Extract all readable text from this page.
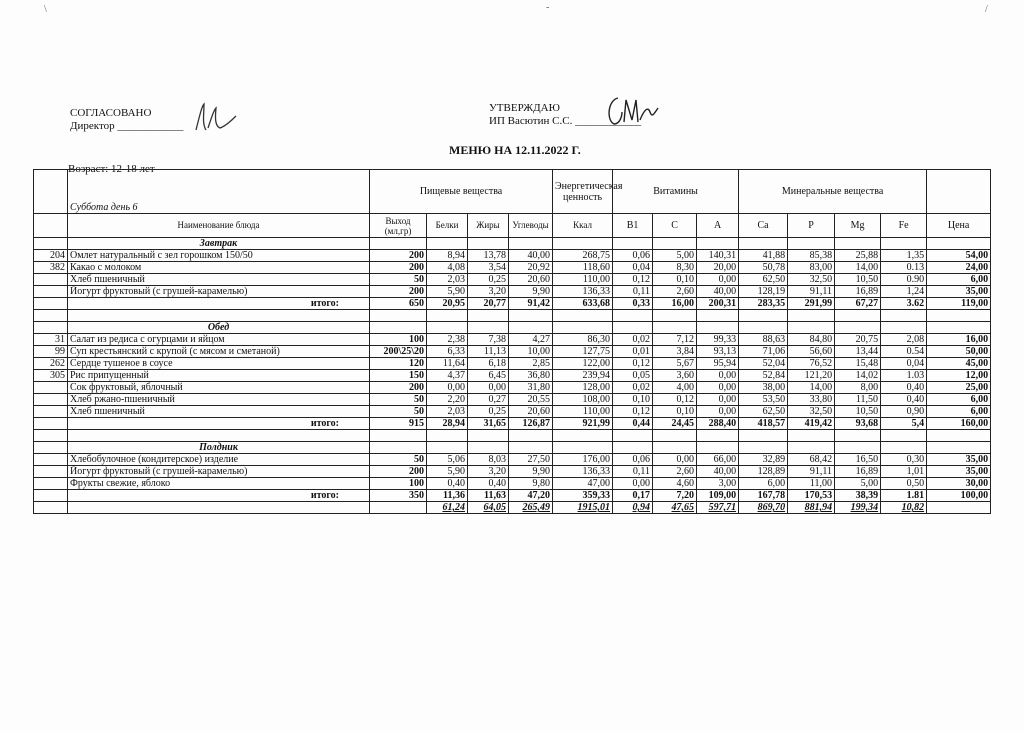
\	-	/
СОГЛАСОВАНО
Директор ____________
УТВЕРЖДАЮ
ИП Васютин С.С. ____________
МЕНЮ НА 12.11.2022 Г.
Возраст: 12-18 лет
	Суббота день 6	Пищевые вещества				Энергетическая ценность	Витамины			Минеральные вещества				
	Наименование блюда	Выход (мл,гр)	Белки	Жиры	Углеводы	Ккал	В1	С	А	Ca	P	Mg	Fe	Цена
	Завтрак													
204	Омлет натуральный с зел горошком 150/50	200	8,94	13,78	40,00	268,75	0,06	5,00	140,31	41,88	85,38	25,88	1,35	54,00
382	Какао с молоком	200	4,08	3,54	20,92	118,60	0,04	8,30	20,00	50,78	83,00	14,00	0.13	24,00
	Хлеб пшеничный	50	2,03	0,25	20,60	110,00	0,12	0,10	0,00	62,50	32,50	10,50	0.90	6,00
	Йогурт фруктовый (с грушей-карамелью)	200	5,90	3,20	9,90	136,33	0,11	2,60	40,00	128,19	91,11	16,89	1,24	35,00
	итого:	650	20,95	20,77	91,42	633,68	0,33	16,00	200,31	283,35	291,99	67,27	3.62	119,00

	Обед													
31	Салат из редиса с огурцами и яйцом	100	2,38	7,38	4,27	86,30	0,02	7,12	99,33	88,63	84,80	20,75	2,08	16,00
99	Суп крестьянский с крупой (с мясом и сметаной)	200\25\20	6,33	11,13	10,00	127,75	0,01	3,84	93,13	71,06	56,60	13,44	0.54	50,00
262	Сердце тушеное в соусе	120	11,64	6,18	2,85	122,00	0,12	5,67	95,94	52,04	76,52	15,48	0,04	45,00
305	Рис припущенный	150	4,37	6,45	36,80	239,94	0,05	3,60	0,00	52,84	121,20	14,02	1.03	12,00
	Сок фруктовый, яблочный	200	0,00	0,00	31,80	128,00	0,02	4,00	0,00	38,00	14,00	8,00	0,40	25,00
	Хлеб ржано-пшеничный	50	2,20	0,27	20,55	108,00	0,10	0,12	0,00	53,50	33,80	11,50	0,40	6,00
	Хлеб пшеничный	50	2,03	0,25	20,60	110,00	0,12	0,10	0,00	62,50	32,50	10,50	0,90	6,00
	итого:	915	28,94	31,65	126,87	921,99	0,44	24,45	288,40	418,57	419,42	93,68	5,4	160,00

	Полдник													
	Хлебобулочное (кондитерское) изделие	50	5,06	8,03	27,50	176,00	0,06	0,00	66,00	32,89	68,42	16,50	0,30	35,00
	Йогурт фруктовый (с грушей-карамелью)	200	5,90	3,20	9,90	136,33	0,11	2,60	40,00	128,89	91,11	16,89	1,01	35,00
	Фрукты свежие, яблоко	100	0,40	0,40	9,80	47,00	0,00	4,60	3,00	6,00	11,00	5,00	0,50	30,00
	итого:	350	11,36	11,63	47,20	359,33	0,17	7,20	109,00	167,78	170,53	38,39	1.81	100,00
			61,24	64,05	265,49	1915,01	0,94	47,65	597,71	869,70	881,94	199,34	10,82	
